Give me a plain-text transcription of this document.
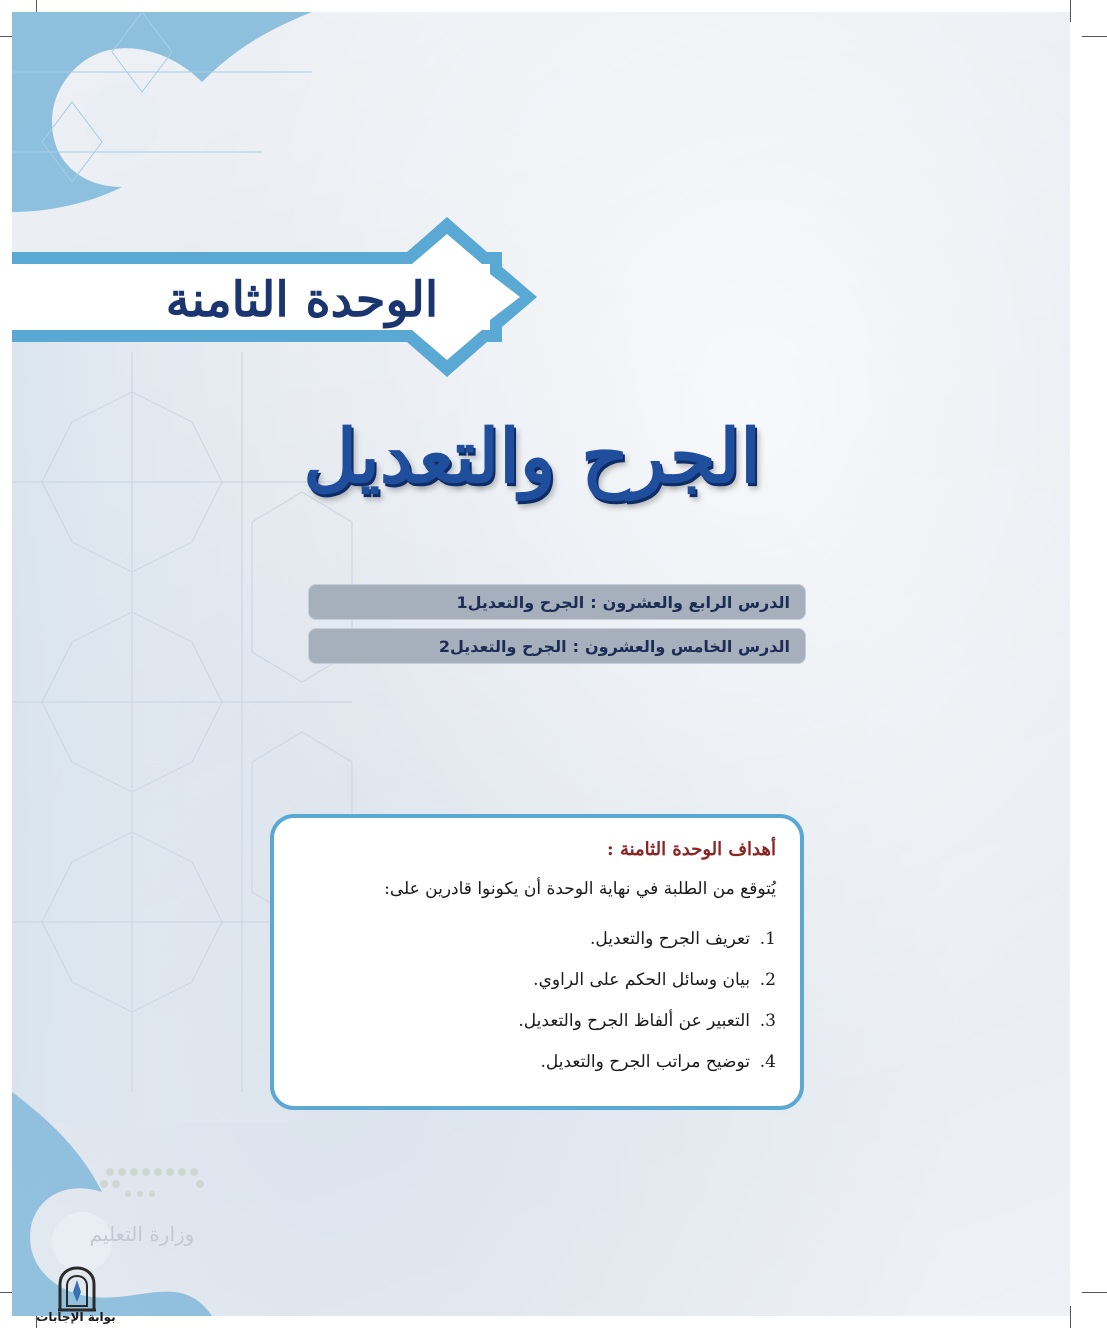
الوحدة الثامنة
الجرح والتعديل
الدرس الرابع والعشرون
:
الجرح والتعديل1
الدرس الخامس والعشرون
:
الجرح والتعديل2
أهداف الوحدة الثامنة :
يُتوقع من الطلبة في نهاية الوحدة أن يكونوا قادرين على:
1.
تعريف الجرح والتعديل.
2.
بيان وسائل الحكم على الراوي.
3.
التعبير عن ألفاظ الجرح والتعديل.
4.
توضيح مراتب الجرح والتعديل.
وزارة التعليم
بوابة الإجابات
